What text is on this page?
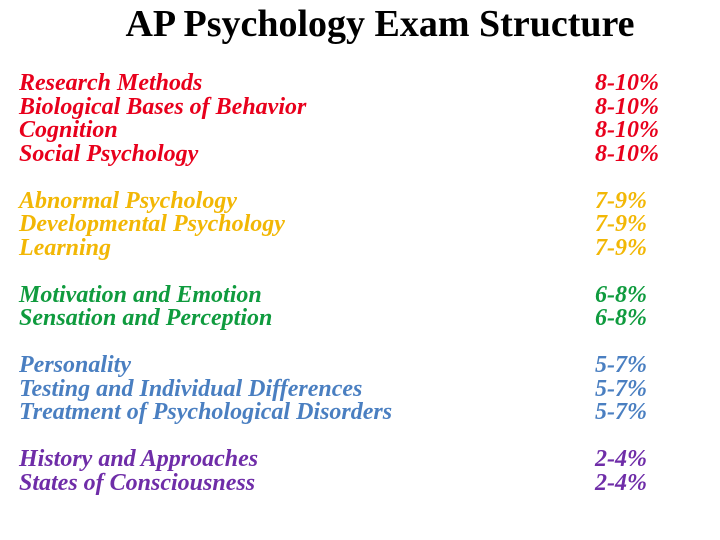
AP Psychology Exam Structure
Research Methods	8-10%
Biological Bases of Behavior	8-10%
Cognition	8-10%
Social Psychology	8-10%
Abnormal Psychology	7-9%
Developmental Psychology	7-9%
Learning	7-9%
Motivation and Emotion	6-8%
Sensation and Perception	6-8%
Personality	5-7%
Testing and Individual Differences	5-7%
Treatment of Psychological Disorders	5-7%
History and Approaches	2-4%
States of Consciousness	2-4%
